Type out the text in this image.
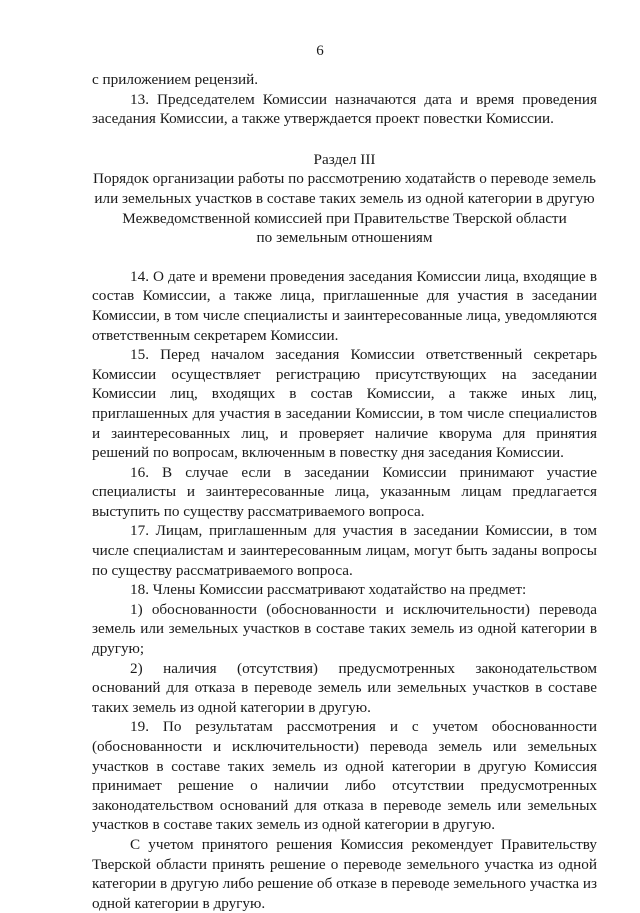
6

с приложением рецензий.

13. Председателем Комиссии назначаются дата и время проведения заседания Комиссии, а также утверждается проект повестки Комиссии.

Раздел III

Порядок организации работы по рассмотрению ходатайств о переводе земель

или земельных участков в составе таких земель из одной категории в другую

Межведомственной комиссией при Правительстве Тверской области

по земельным отношениям

14. О дате и времени проведения заседания Комиссии лица, входящие в состав Комиссии, а также лица, приглашенные для участия в заседании Комиссии, в том числе специалисты и заинтересованные лица, уведомляются ответственным секретарем Комиссии.

15. Перед началом заседания Комиссии ответственный секретарь Комиссии осуществляет регистрацию присутствующих на заседании Комиссии лиц, входящих в состав Комиссии, а также иных лиц, приглашенных для участия в заседании Комиссии, в том числе специалистов и заинтересованных лиц, и проверяет наличие кворума для принятия решений по вопросам, включенным в повестку дня заседания Комиссии.

16. В случае если в заседании Комиссии принимают участие специалисты и заинтересованные лица, указанным лицам предлагается выступить по существу рассматриваемого вопроса.

17. Лицам, приглашенным для участия в заседании Комиссии, в том числе специалистам и заинтересованным лицам, могут быть заданы вопросы по существу рассматриваемого вопроса.

18. Члены Комиссии рассматривают ходатайство на предмет:

1) обоснованности (обоснованности и исключительности) перевода земель или земельных участков в составе таких земель из одной категории в другую;

2) наличия (отсутствия) предусмотренных законодательством оснований для отказа в переводе земель или земельных участков в составе таких земель из одной категории в другую.

19. По результатам рассмотрения и с учетом обоснованности (обоснованности и исключительности) перевода земель или земельных участков в составе таких земель из одной категории в другую Комиссия принимает решение о наличии либо отсутствии предусмотренных законодательством оснований для отказа в переводе земель или земельных участков в составе таких земель из одной категории в другую.

С учетом принятого решения Комиссия рекомендует Правительству Тверской области принять решение о переводе земельного участка из одной категории в другую либо решение об отказе в переводе земельного участка из одной категории в другую.
